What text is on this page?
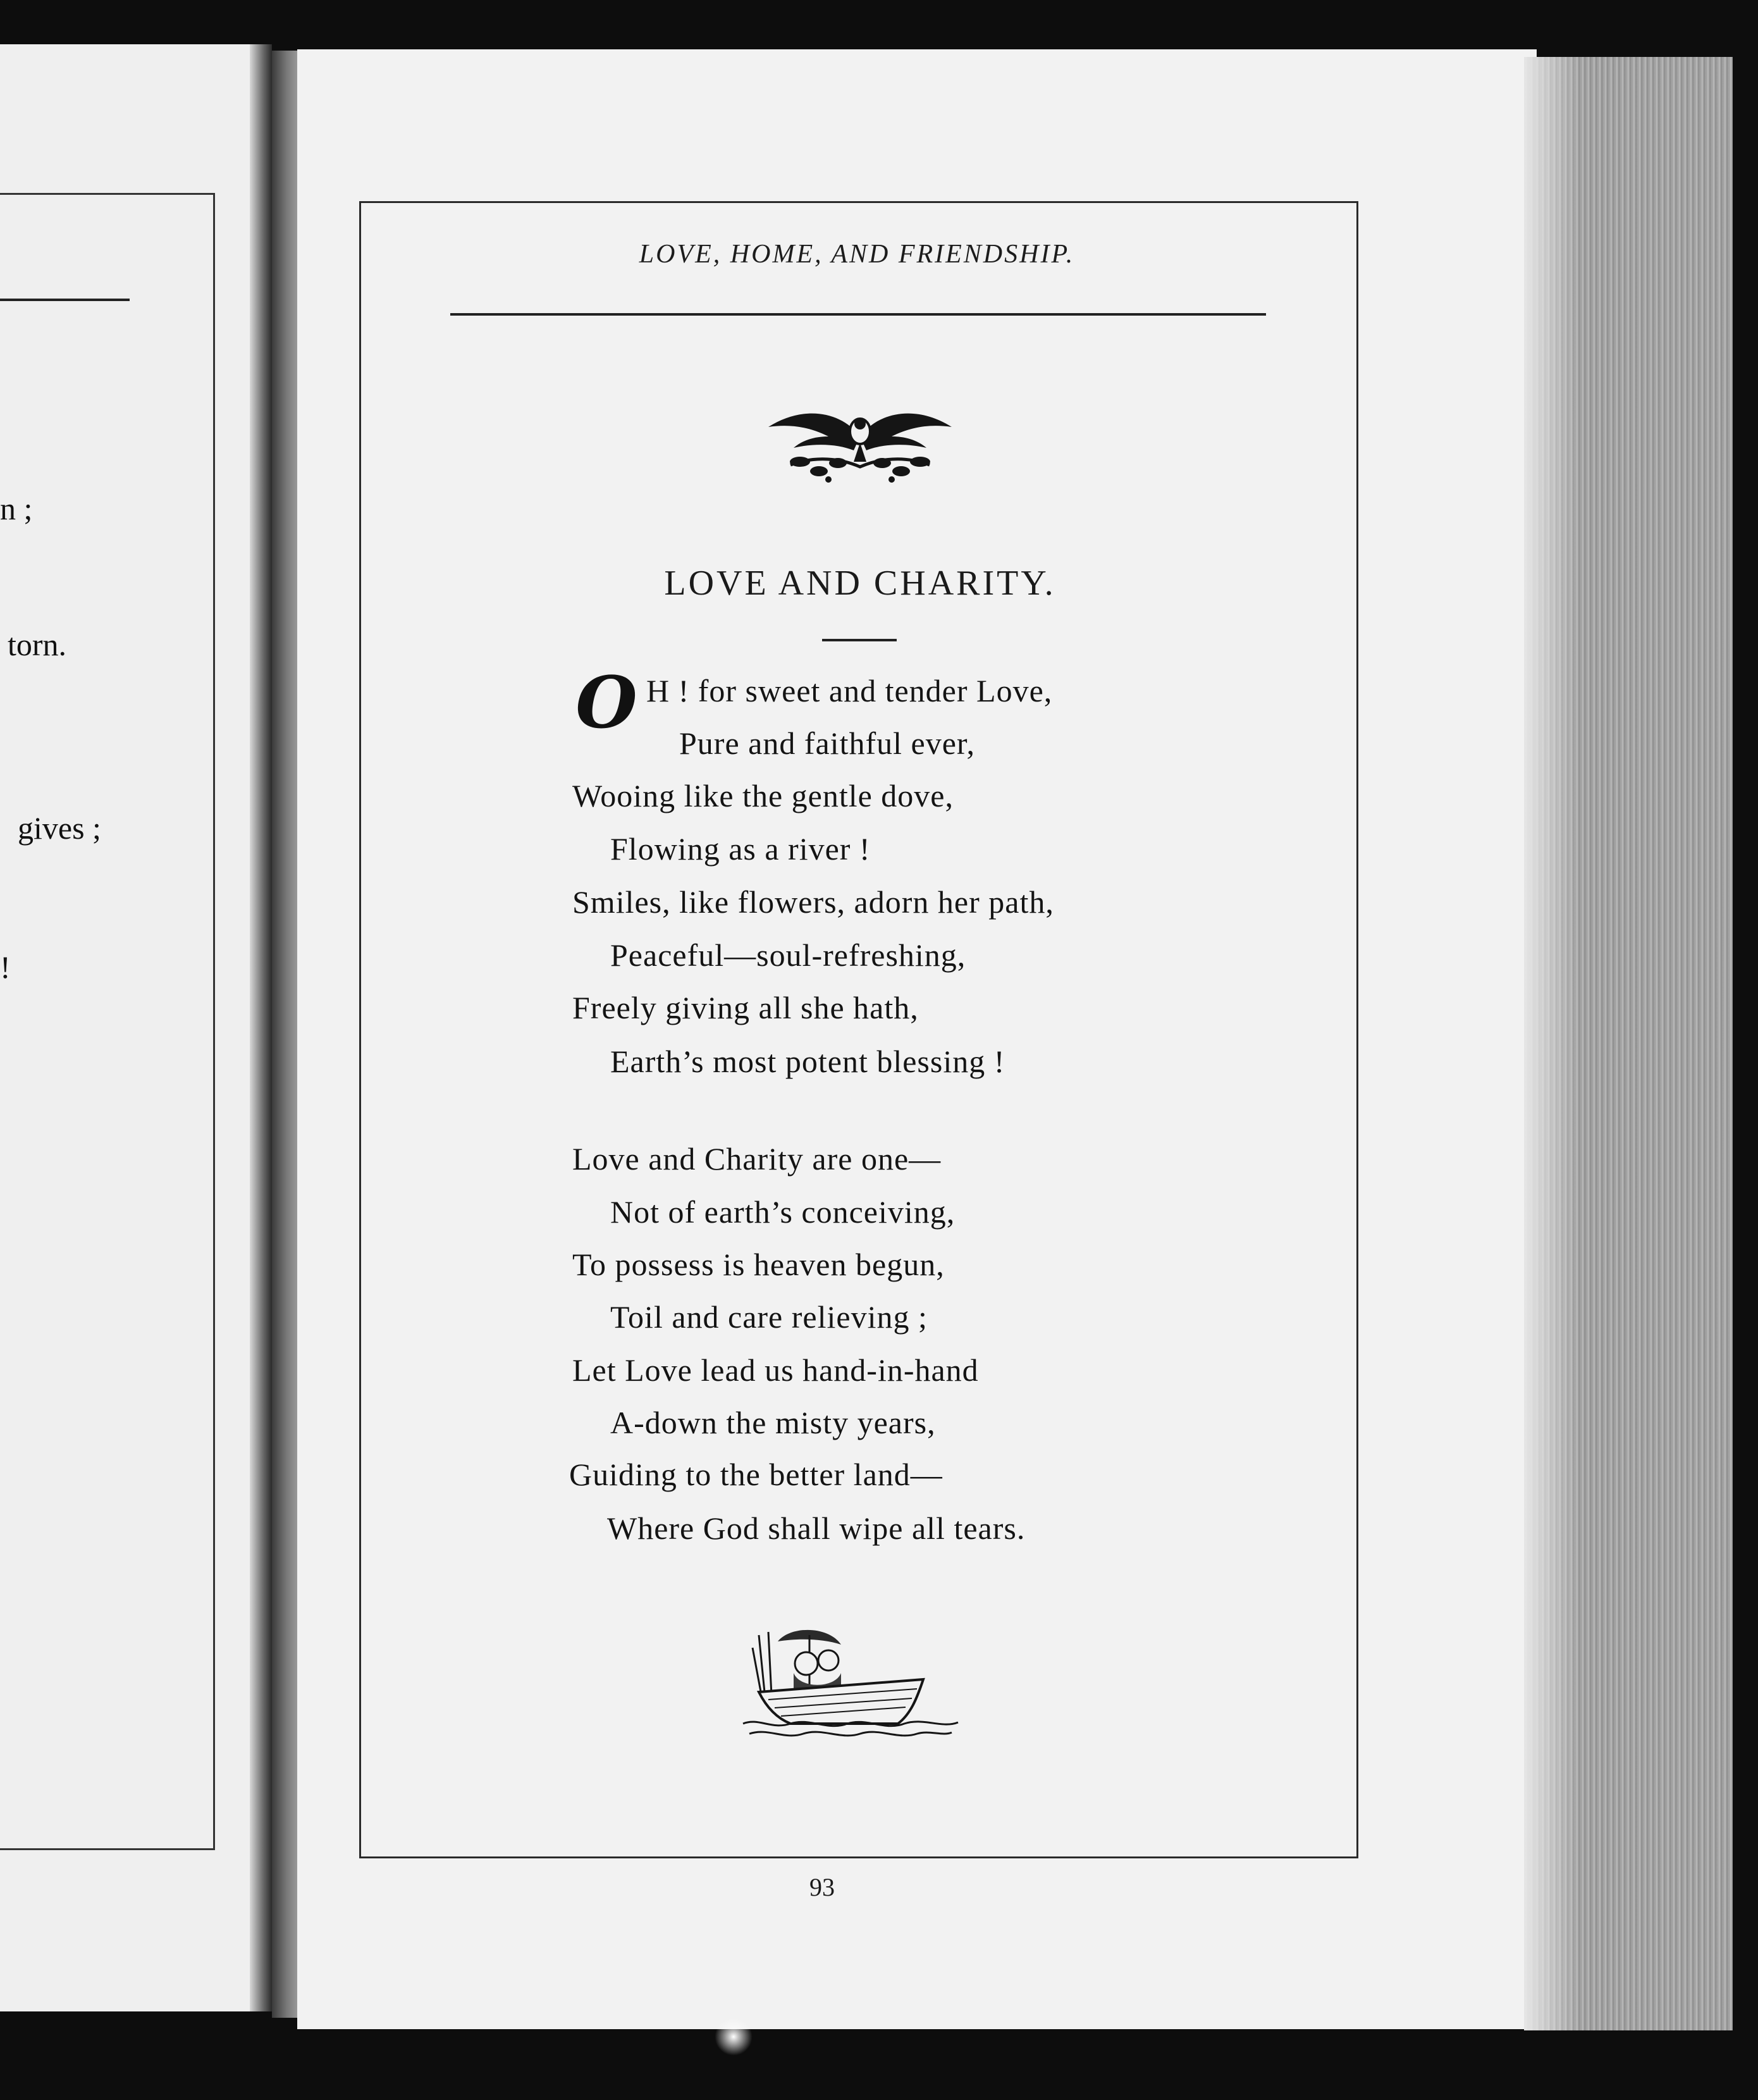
n ;
torn.
gives ;
!
LOVE, HOME, AND FRIENDSHIP.
LOVE AND CHARITY.
O H ! for sweet and tender Love,
Pure and faithful ever,
Wooing like the gentle dove,
Flowing as a river !
Smiles, like flowers, adorn her path,
Peaceful—soul-refreshing,
Freely giving all she hath,
Earth’s most potent blessing !
Love and Charity are one—
Not of earth’s conceiving,
To possess is heaven begun,
Toil and care relieving ;
Let Love lead us hand-in-hand
A-down the misty years,
Guiding to the better land—
Where God shall wipe all tears.
93
